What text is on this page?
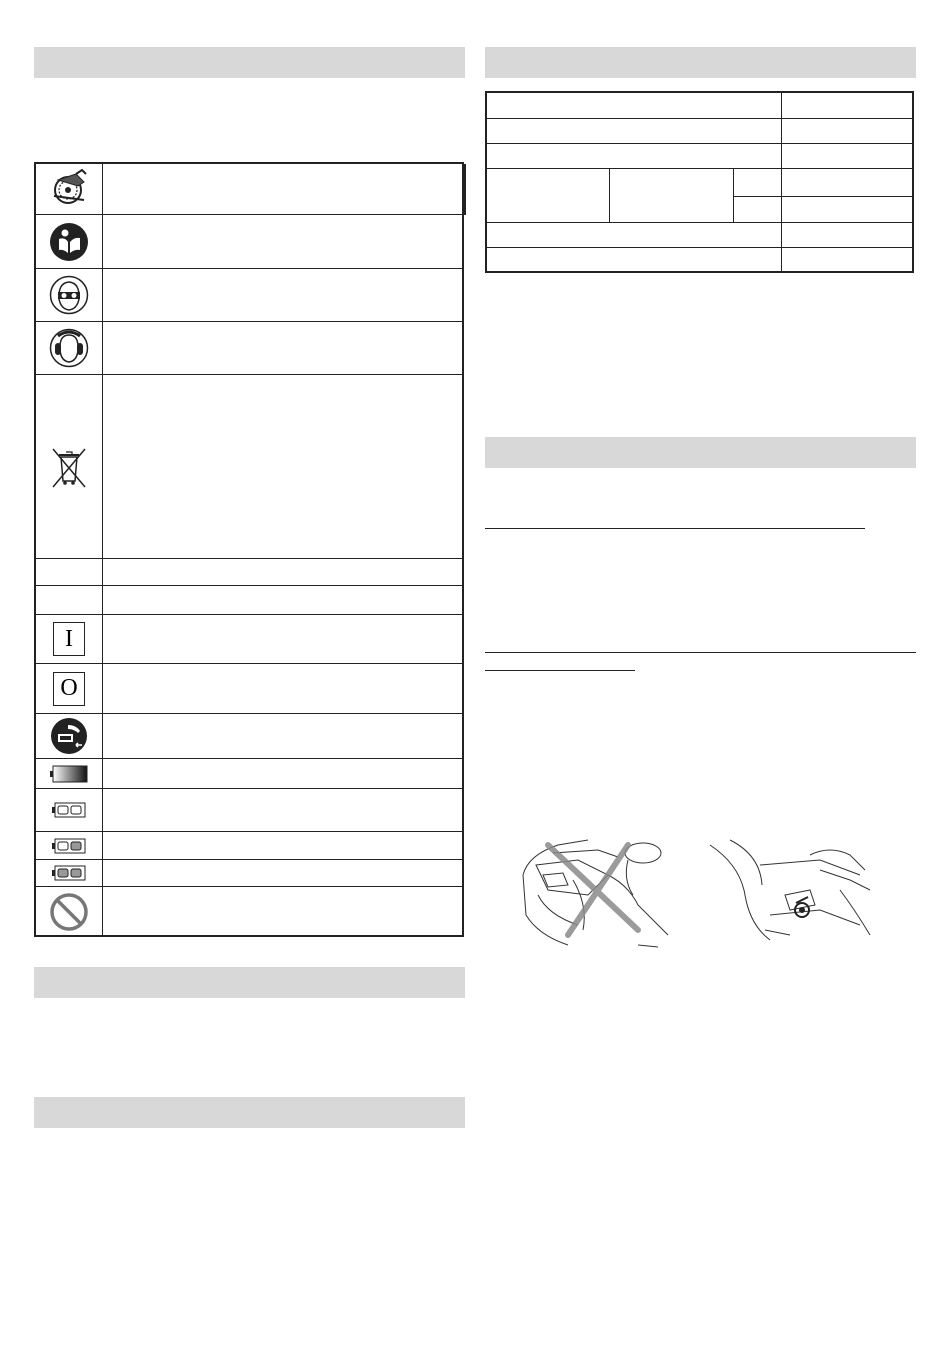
I
O
